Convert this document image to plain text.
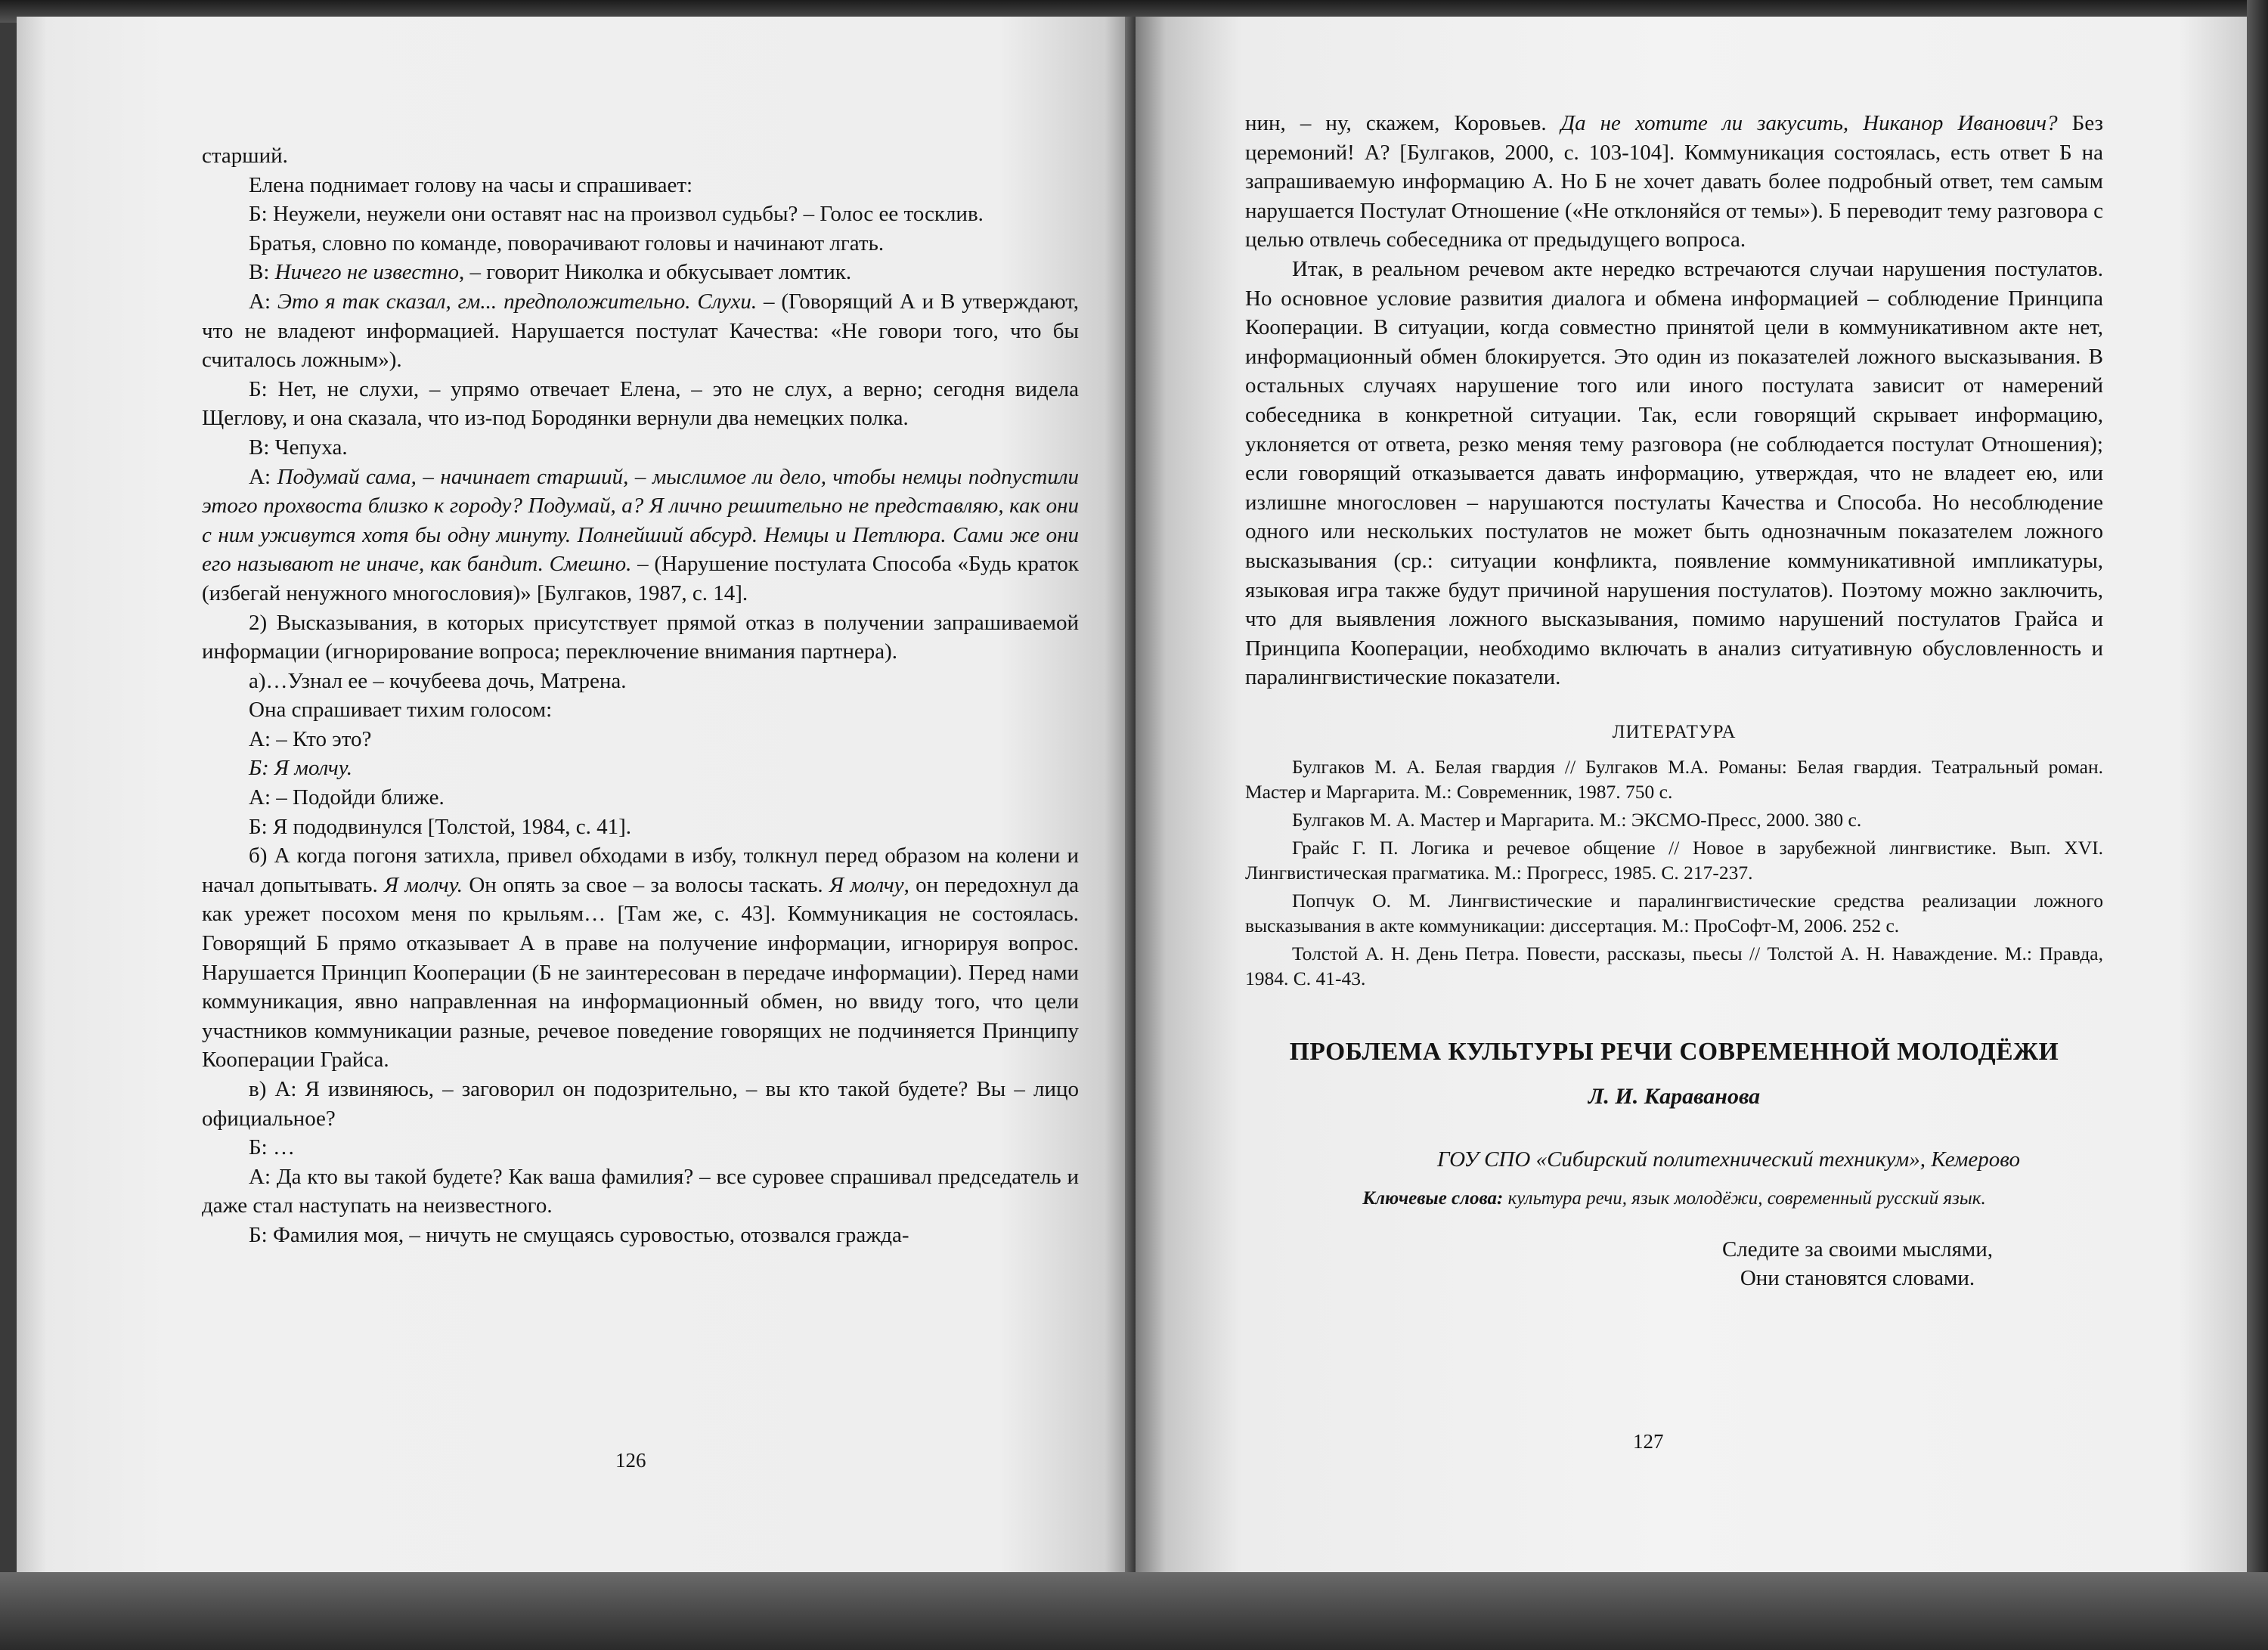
старший.

Елена поднимает голову на часы и спрашивает:

Б: Неужели, неужели они оставят нас на произвол судьбы? – Голос ее тосклив.

Братья, словно по команде, поворачивают головы и начинают лгать.

В: Ничего не известно, – говорит Николка и обкусывает ломтик.

А: Это я так сказал, гм... предположительно. Слухи. – (Говорящий А и В утверждают, что не владеют информацией. Нарушается постулат Качества: «Не говори того, что бы считалось ложным»).

Б: Нет, не слухи, – упрямо отвечает Елена, – это не слух, а верно; сегодня видела Щеглову, и она сказала, что из-под Бородянки вернули два немецких полка.

В: Чепуха.

А: Подумай сама, – начинает старший, – мыслимое ли дело, чтобы немцы подпустили этого прохвоста близко к городу? Подумай, а? Я лично решительно не представляю, как они с ним уживутся хотя бы одну минуту. Полнейший абсурд. Немцы и Петлюра. Сами же они его называют не иначе, как бандит. Смешно. – (Нарушение постулата Способа «Будь краток (избегай ненужного многословия)» [Булгаков, 1987, с. 14].

2) Высказывания, в которых присутствует прямой отказ в получении запрашиваемой информации (игнорирование вопроса; переключение внимания партнера).

а)…Узнал ее – кочубеева дочь, Матрена.

Она спрашивает тихим голосом:

А: – Кто это?

Б: Я молчу.

А: – Подойди ближе.

Б: Я пододвинулся [Толстой, 1984, с. 41].

б) А когда погоня затихла, привел обходами в избу, толкнул перед образом на колени и начал допытывать. Я молчу. Он опять за свое – за волосы таскать. Я молчу, он передохнул да как урежет посохом меня по крыльям… [Там же, с. 43]. Коммуникация не состоялась. Говорящий Б прямо отказывает А в праве на получение информации, игнорируя вопрос. Нарушается Принцип Кооперации (Б не заинтересован в передаче информации). Перед нами коммуникация, явно направленная на информационный обмен, но ввиду того, что цели участников коммуникации разные, речевое поведение говорящих не подчиняется Принципу Кооперации Грайса.

в) А: Я извиняюсь, – заговорил он подозрительно, – вы кто такой будете? Вы – лицо официальное?

Б: …

А: Да кто вы такой будете? Как ваша фамилия? – все суровее спрашивал председатель и даже стал наступать на неизвестного.

Б: Фамилия моя, – ничуть не смущаясь суровостью, отозвался гражда-

126

нин, – ну, скажем, Коровьев. Да не хотите ли закусить, Никанор Иванович? Без церемоний! А? [Булгаков, 2000, с. 103-104]. Коммуникация состоялась, есть ответ Б на запрашиваемую информацию А. Но Б не хочет давать более подробный ответ, тем самым нарушается Постулат Отношение («Не отклоняйся от темы»). Б переводит тему разговора с целью отвлечь собеседника от предыдущего вопроса.

Итак, в реальном речевом акте нередко встречаются случаи нарушения постулатов. Но основное условие развития диалога и обмена информацией – соблюдение Принципа Кооперации. В ситуации, когда совместно принятой цели в коммуникативном акте нет, информационный обмен блокируется. Это один из показателей ложного высказывания. В остальных случаях нарушение того или иного постулата зависит от намерений собеседника в конкретной ситуации. Так, если говорящий скрывает информацию, уклоняется от ответа, резко меняя тему разговора (не соблюдается постулат Отношения); если говорящий отказывается давать информацию, утверждая, что не владеет ею, или излишне многословен – нарушаются постулаты Качества и Способа. Но несоблюдение одного или нескольких постулатов не может быть однозначным показателем ложного высказывания (ср.: ситуации конфликта, появление коммуникативной импликатуры, языковая игра также будут причиной нарушения постулатов). Поэтому можно заключить, что для выявления ложного высказывания, помимо нарушений постулатов Грайса и Принципа Кооперации, необходимо включать в анализ ситуативную обусловленность и паралингвистические показатели.

ЛИТЕРАТУРА
Булгаков М. А. Белая гвардия // Булгаков М.А. Романы: Белая гвардия. Театральный роман. Мастер и Маргарита. М.: Современник, 1987. 750 с.
Булгаков М. А. Мастер и Маргарита. М.: ЭКСМО-Пресс, 2000. 380 с.
Грайс Г. П. Логика и речевое общение // Новое в зарубежной лингвистике. Вып. XVI. Лингвистическая прагматика. М.: Прогресс, 1985. С. 217-237.
Попчук О. М. Лингвистические и паралингвистические средства реализации ложного высказывания в акте коммуникации: диссертация. М.: ПроСофт-М, 2006. 252 с.
Толстой А. Н. День Петра. Повести, рассказы, пьесы // Толстой А. Н. Наваждение. М.: Правда, 1984. С. 41-43.
ПРОБЛЕМА КУЛЬТУРЫ РЕЧИ СОВРЕМЕННОЙ МОЛОДЁЖИ
Л. И. Караванова
ГОУ СПО «Сибирский политехнический техникум», Кемерово
Ключевые слова: культура речи, язык молодёжи, современный русский язык.
Следите за своими мыслями,
Они становятся словами.
127
